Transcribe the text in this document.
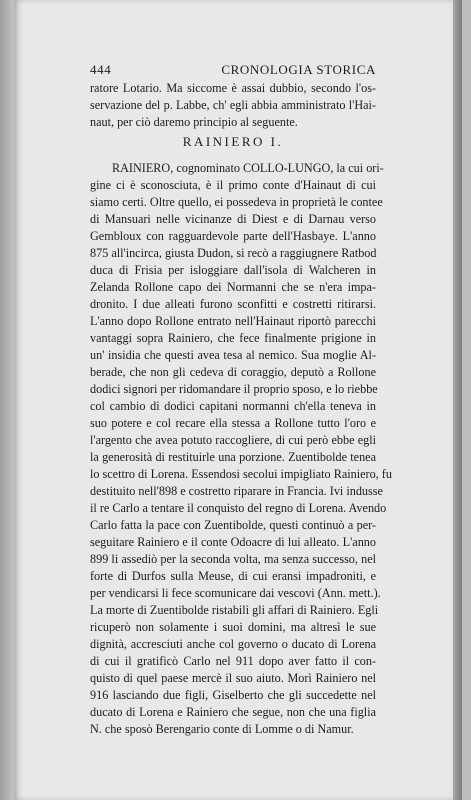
444	CRONOLOGIA STORICA
ratore Lotario. Ma siccome è assai dubbio, secondo l'os-
servazione del p. Labbe, ch' egli abbia amministrato l'Hai-
naut, per ciò daremo principio al seguente.
RAINIERO I.
RAINIERO, cognominato COLLO-LUNGO, la cui ori-
gine ci è sconosciuta, è il primo conte d'Hainaut di cui
siamo certi. Oltre quello, ei possedeva in proprietà le contee
di Mansuari nelle vicinanze di Diest e di Darnau verso
Gembloux con ragguardevole parte dell'Hasbaye. L'anno
875 all'incirca, giusta Dudon, si recò a raggiugnere Ratbod
duca di Frisia per isloggiare dall'isola di Walcheren in
Zelanda Rollone capo dei Normanni che se n'era impa-
dronito. I due alleati furono sconfitti e costretti ritirarsi.
L'anno dopo Rollone entrato nell'Hainaut riportò parecchi
vantaggi sopra Rainiero, che fece finalmente prigione in
un' insidia che questi avea tesa al nemico. Sua moglie Al-
berade, che non gli cedeva di coraggio, deputò a Rollone
dodici signori per ridomandare il proprio sposo, e lo riebbe
col cambio di dodici capitani normanni ch'ella teneva in
suo potere e col recare ella stessa a Rollone tutto l'oro e
l'argento che avea potuto raccogliere, di cui però ebbe egli
la generosità di restituirle una porzione. Zuentibolde tenea
lo scettro di Lorena. Essendosi secolui impigliato Rainiero, fu
destituito nell'898 e costretto riparare in Francia. Ivi indusse
il re Carlo a tentare il conquisto del regno di Lorena. Avendo
Carlo fatta la pace con Zuentibolde, questi continuò a per-
seguitare Rainiero e il conte Odoacre di lui alleato. L'anno
899 li assediò per la seconda volta, ma senza successo, nel
forte di Durfos sulla Meuse, di cui eransi impadroniti, e
per vendicarsi li fece scomunicare dai vescovi (Ann. mett.).
La morte di Zuentibolde ristabilì gli affari di Rainiero. Egli
ricuperò non solamente i suoi domini, ma altresì le sue
dignità, accresciuti anche col governo o ducato di Lorena
di cui il gratificò Carlo nel 911 dopo aver fatto il con-
quisto di quel paese mercè il suo aiuto. Morì Rainiero nel
916 lasciando due figli, Giselberto che gli succedette nel
ducato di Lorena e Rainiero che segue, non che una figlia
N. che sposò Berengario conte di Lomme o di Namur.
